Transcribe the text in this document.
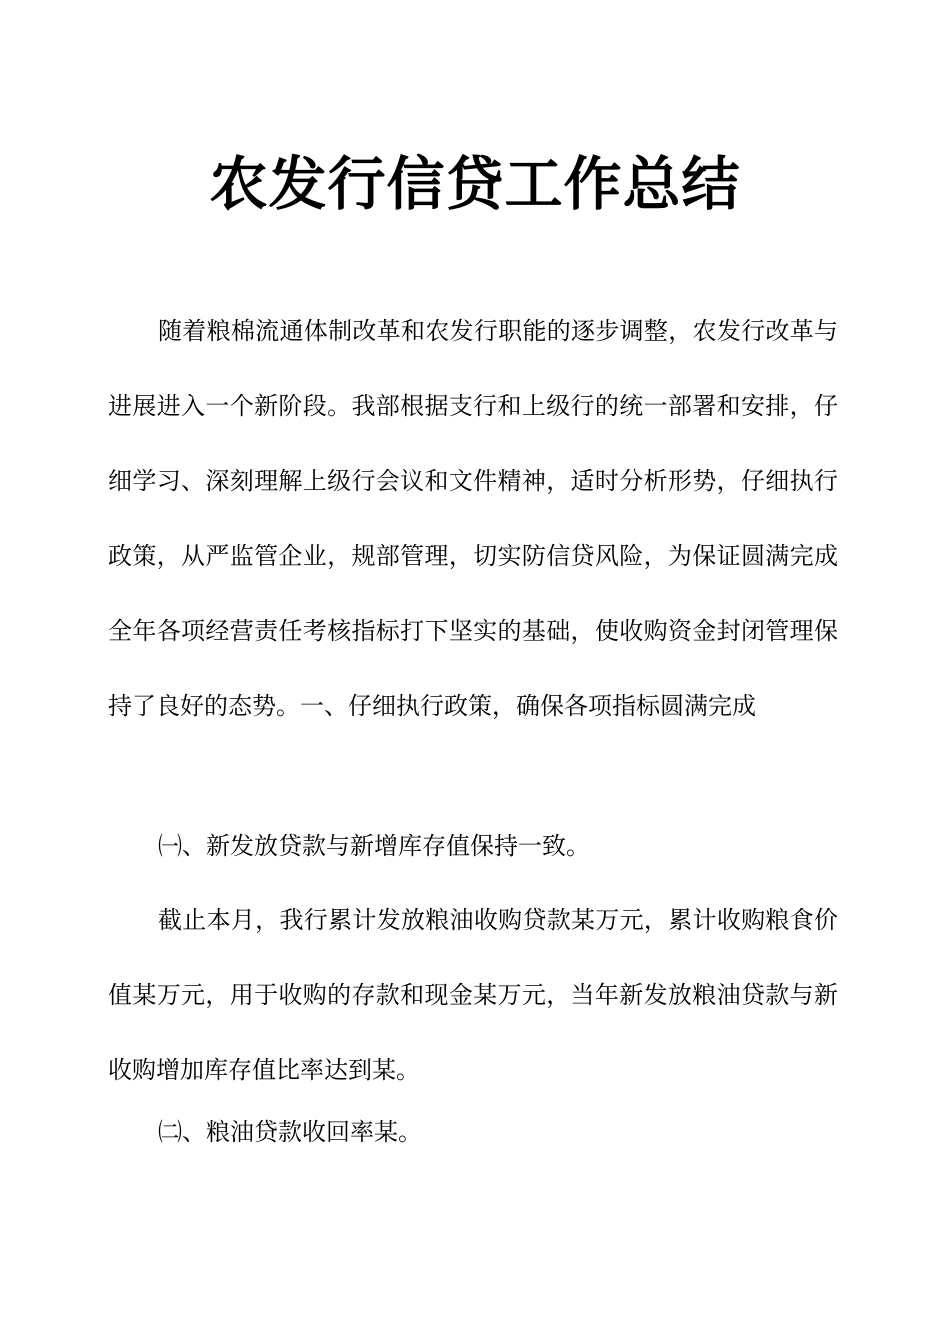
农发行信贷工作总结

随着粮棉流通体制改革和农发行职能的逐步调整，农发行改革与进展进入一个新阶段。我部根据支行和上级行的统一部署和安排，仔细学习、深刻理解上级行会议和文件精神，适时分析形势，仔细执行政策，从严监管企业，规部管理，切实防信贷风险，为保证圆满完成全年各项经营责任考核指标打下坚实的基础，使收购资金封闭管理保持了良好的态势。一、仔细执行政策，确保各项指标圆满完成

㈠、新发放贷款与新增库存值保持一致。

截止本月，我行累计发放粮油收购贷款某万元，累计收购粮食价值某万元，用于收购的存款和现金某万元，当年新发放粮油贷款与新收购增加库存值比率达到某。

㈡、粮油贷款收回率某。
